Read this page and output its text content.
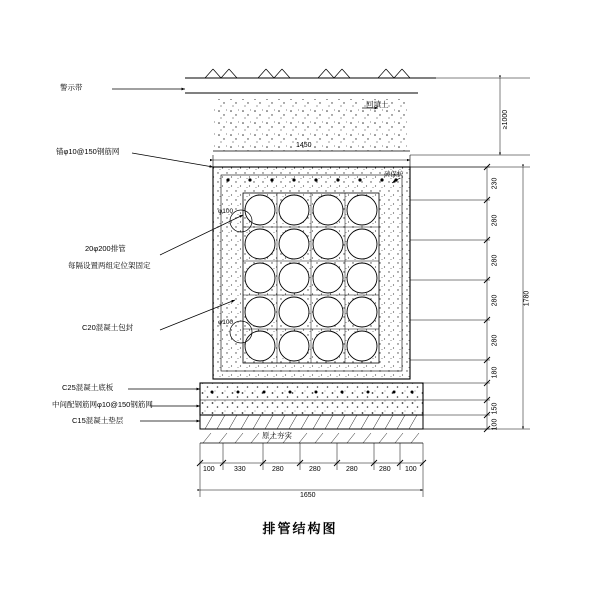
警示带
回填土
锚φ10@150钢筋网
砖保护
20φ200排管
每隔设置两组定位架固定
C20混凝土包封
φ100
φ100
C25混凝土底板
中间配钢筋网φ10@150钢筋网
C15混凝土垫层
原土夯实
1450
1650
100	330	280	280	280	280 100
230
280
280
280
280
180
150
100
1780
≥1000
排管结构图
